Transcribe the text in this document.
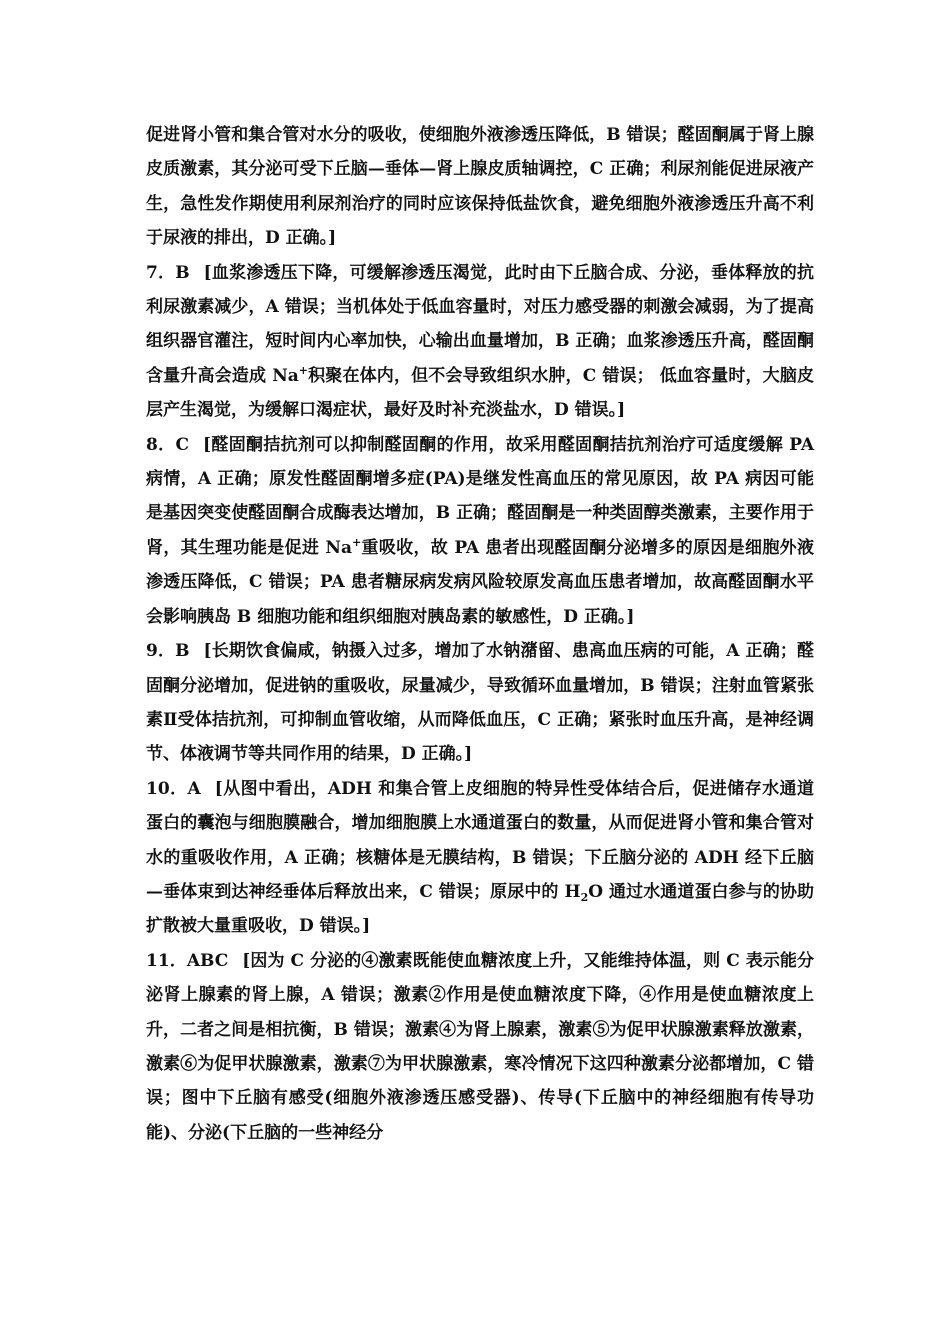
促进肾小管和集合管对水分的吸收，使细胞外液渗透压降低，B 错误；醛固酮属于肾上腺皮质激素，其分泌可受下丘脑—垂体—肾上腺皮质轴调控，C 正确；利尿剂能促进尿液产生，急性发作期使用利尿剂治疗的同时应该保持低盐饮食，避免细胞外液渗透压升高不利于尿液的排出，D 正确。]

7．B [血浆渗透压下降，可缓解渗透压渴觉，此时由下丘脑合成、分泌，垂体释放的抗利尿激素减少，A 错误；当机体处于低血容量时，对压力感受器的刺激会减弱，为了提高组织器官灌注，短时间内心率加快，心输出血量增加，B 正确；血浆渗透压升高，醛固酮含量升高会造成 Na+积聚在体内，但不会导致组织水肿，C 错误； 低血容量时，大脑皮层产生渴觉，为缓解口渴症状，最好及时补充淡盐水，D 错误。]

8．C [醛固酮拮抗剂可以抑制醛固酮的作用，故采用醛固酮拮抗剂治疗可适度缓解 PA 病情，A 正确；原发性醛固酮增多症(PA)是继发性高血压的常见原因，故 PA 病因可能是基因突变使醛固酮合成酶表达增加，B 正确；醛固酮是一种类固醇类激素，主要作用于肾，其生理功能是促进 Na+重吸收，故 PA 患者出现醛固酮分泌增多的原因是细胞外液渗透压降低，C 错误；PA 患者糖尿病发病风险较原发高血压患者增加，故高醛固酮水平会影响胰岛 B 细胞功能和组织细胞对胰岛素的敏感性，D 正确。]

9．B [长期饮食偏咸，钠摄入过多，增加了水钠潴留、患高血压病的可能，A 正确；醛固酮分泌增加，促进钠的重吸收，尿量减少，导致循环血量增加，B 错误；注射血管紧张素Ⅱ受体拮抗剂，可抑制血管收缩，从而降低血压，C 正确；紧张时血压升高，是神经调节、体液调节等共同作用的结果，D 正确。]

10．A [从图中看出，ADH 和集合管上皮细胞的特异性受体结合后，促进储存水通道蛋白的囊泡与细胞膜融合，增加细胞膜上水通道蛋白的数量，从而促进肾小管和集合管对水的重吸收作用，A 正确；核糖体是无膜结构，B 错误；下丘脑分泌的 ADH 经下丘脑—垂体束到达神经垂体后释放出来，C 错误；原尿中的 $H_2O$ 通过水通道蛋白参与的协助扩散被大量重吸收，D 错误。]

11．ABC [因为 C 分泌的④激素既能使血糖浓度上升，又能维持体温，则 C 表示能分泌肾上腺素的肾上腺，A 错误；激素②作用是使血糖浓度下降，④作用是使血糖浓度上升，二者之间是相抗衡，B 错误；激素④为肾上腺素，激素⑤为促甲状腺激素释放激素，激素⑥为促甲状腺激素，激素⑦为甲状腺激素，寒冷情况下这四种激素分泌都增加，C 错误；图中下丘脑有感受(细胞外液渗透压感受器)、传导(下丘脑中的神经细胞有传导功能)、分泌(下丘脑的一些神经分
